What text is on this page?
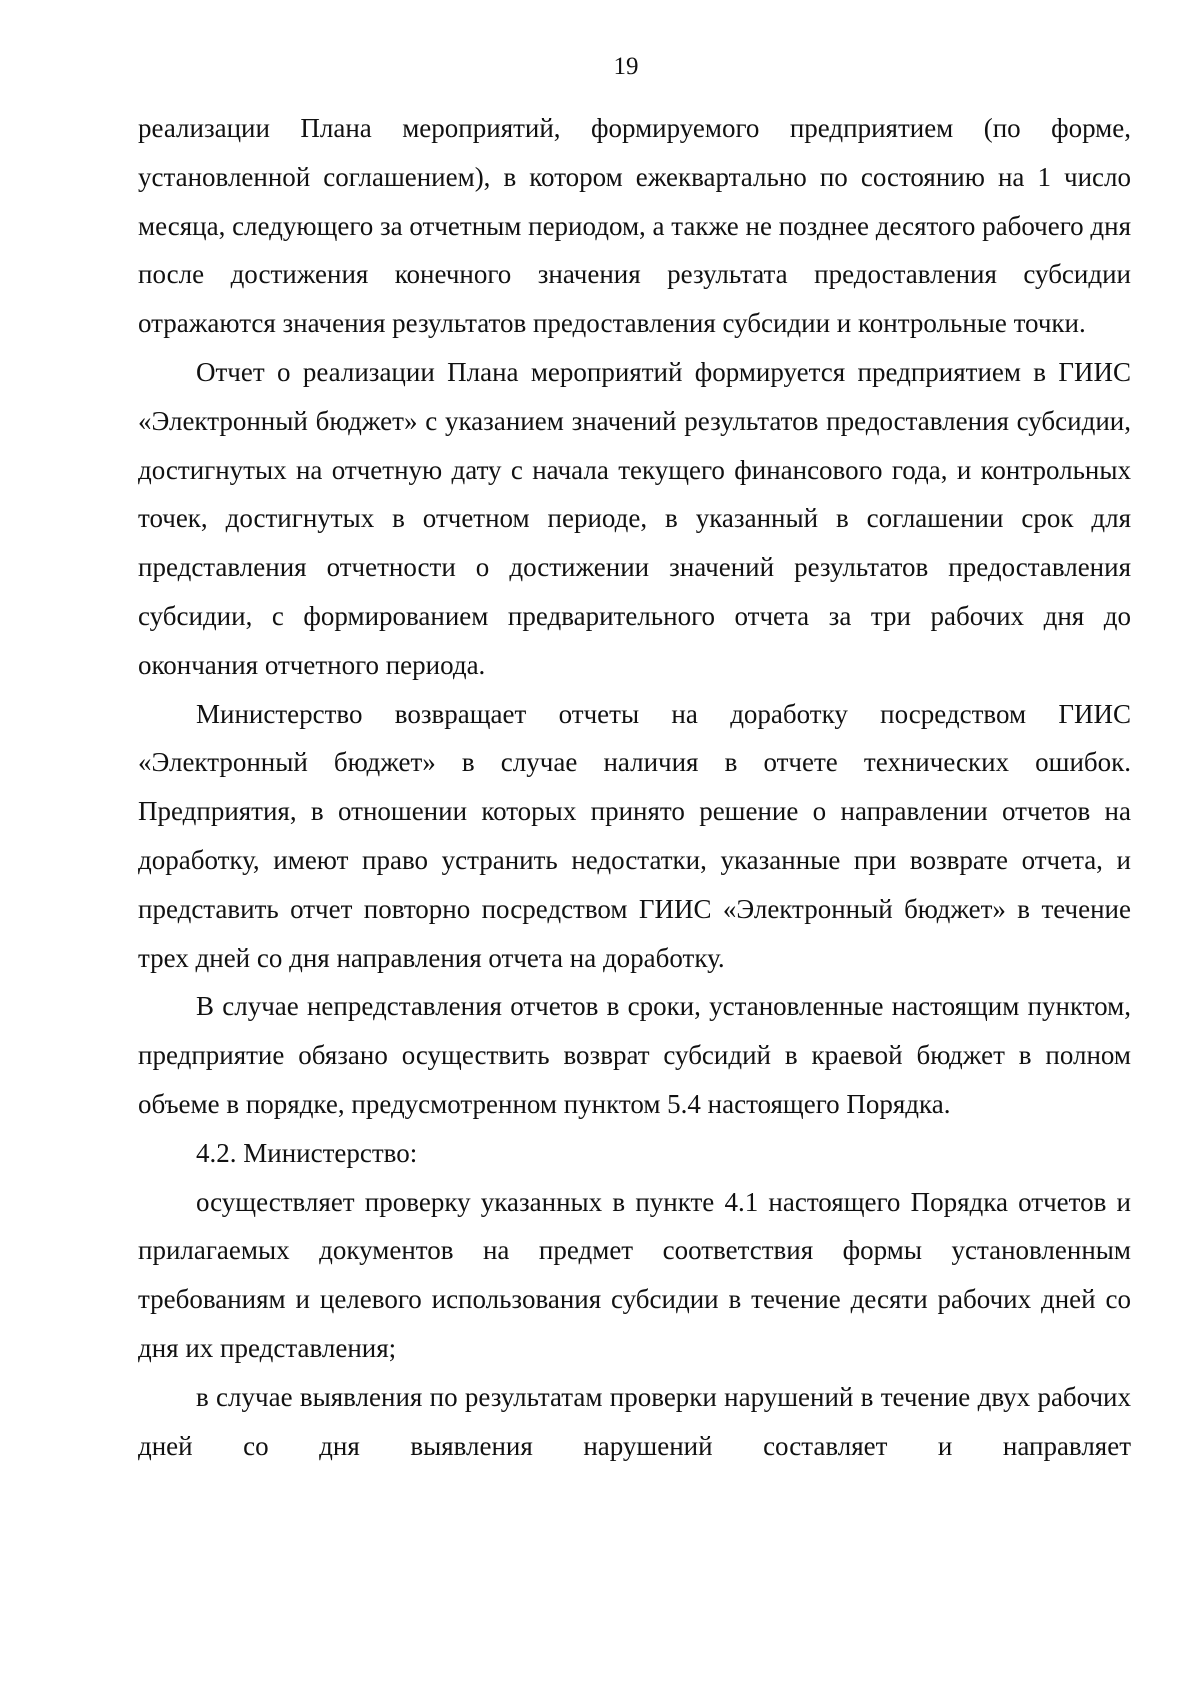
19

реализации Плана мероприятий, формируемого предприятием (по форме, установленной соглашением), в котором ежеквартально по состоянию на 1 число месяца, следующего за отчетным периодом, а также не позднее десятого рабочего дня после достижения конечного значения результата предоставления субсидии отражаются значения результатов предоставления субсидии и контрольные точки.

Отчет о реализации Плана мероприятий формируется предприятием в ГИИС «Электронный бюджет» с указанием значений результатов предоставления субсидии, достигнутых на отчетную дату с начала текущего финансового года, и контрольных точек, достигнутых в отчетном периоде, в указанный в соглашении срок для представления отчетности о достижении значений результатов предоставления субсидии, с формированием предварительного отчета за три рабочих дня до окончания отчетного периода.

Министерство возвращает отчеты на доработку посредством ГИИС «Электронный бюджет» в случае наличия в отчете технических ошибок. Предприятия, в отношении которых принято решение о направлении отчетов на доработку, имеют право устранить недостатки, указанные при возврате отчета, и представить отчет повторно посредством ГИИС «Электронный бюджет» в течение трех дней со дня направления отчета на доработку.

В случае непредставления отчетов в сроки, установленные настоящим пунктом, предприятие обязано осуществить возврат субсидий в краевой бюджет в полном объеме в порядке, предусмотренном пунктом 5.4 настоящего Порядка.

4.2. Министерство:

осуществляет проверку указанных в пункте 4.1 настоящего Порядка отчетов и прилагаемых документов на предмет соответствия формы установленным требованиям и целевого использования субсидии в течение десяти рабочих дней со дня их представления;

в случае выявления по результатам проверки нарушений в течение двух рабочих дней со дня выявления нарушений составляет и направляет
